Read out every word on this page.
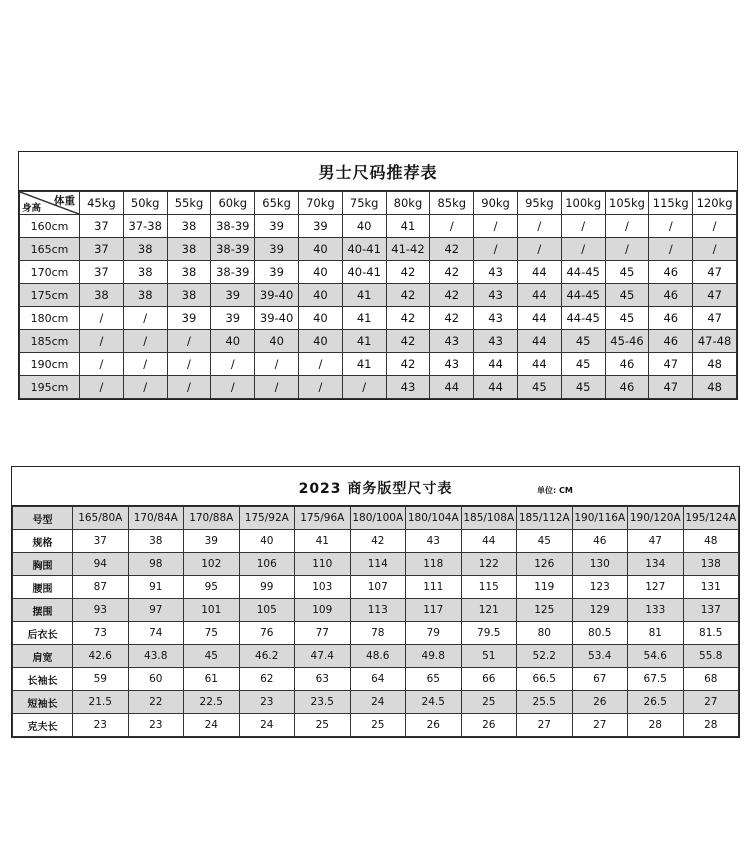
男士尺码推荐表
体重
身高	45kg	50kg	55kg	60kg	65kg	70kg	75kg	80kg	85kg	90kg	95kg	100kg	105kg	115kg	120kg
160cm	37	37-38	38	38-39	39	39	40	41	/	/	/	/	/	/	/
165cm	37	38	38	38-39	39	40	40-41	41-42	42	/	/	/	/	/	/
170cm	37	38	38	38-39	39	40	40-41	42	42	43	44	44-45	45	46	47
175cm	38	38	38	39	39-40	40	41	42	42	43	44	44-45	45	46	47
180cm	/	/	39	39	39-40	40	41	42	42	43	44	44-45	45	46	47
185cm	/	/	/	40	40	40	41	42	43	43	44	45	45-46	46	47-48
190cm	/	/	/	/	/	/	41	42	43	44	44	45	46	47	48
195cm	/	/	/	/	/	/	/	43	44	44	45	45	46	47	48
2023 商务版型尺寸表	单位: CM
号型	165/80A	170/84A	170/88A	175/92A	175/96A	180/100A	180/104A	185/108A	185/112A	190/116A	190/120A	195/124A
规格	37	38	39	40	41	42	43	44	45	46	47	48
胸围	94	98	102	106	110	114	118	122	126	130	134	138
腰围	87	91	95	99	103	107	111	115	119	123	127	131
摆围	93	97	101	105	109	113	117	121	125	129	133	137
后衣长	73	74	75	76	77	78	79	79.5	80	80.5	81	81.5
肩宽	42.6	43.8	45	46.2	47.4	48.6	49.8	51	52.2	53.4	54.6	55.8
长袖长	59	60	61	62	63	64	65	66	66.5	67	67.5	68
短袖长	21.5	22	22.5	23	23.5	24	24.5	25	25.5	26	26.5	27
克夫长	23	23	24	24	25	25	26	26	27	27	28	28
